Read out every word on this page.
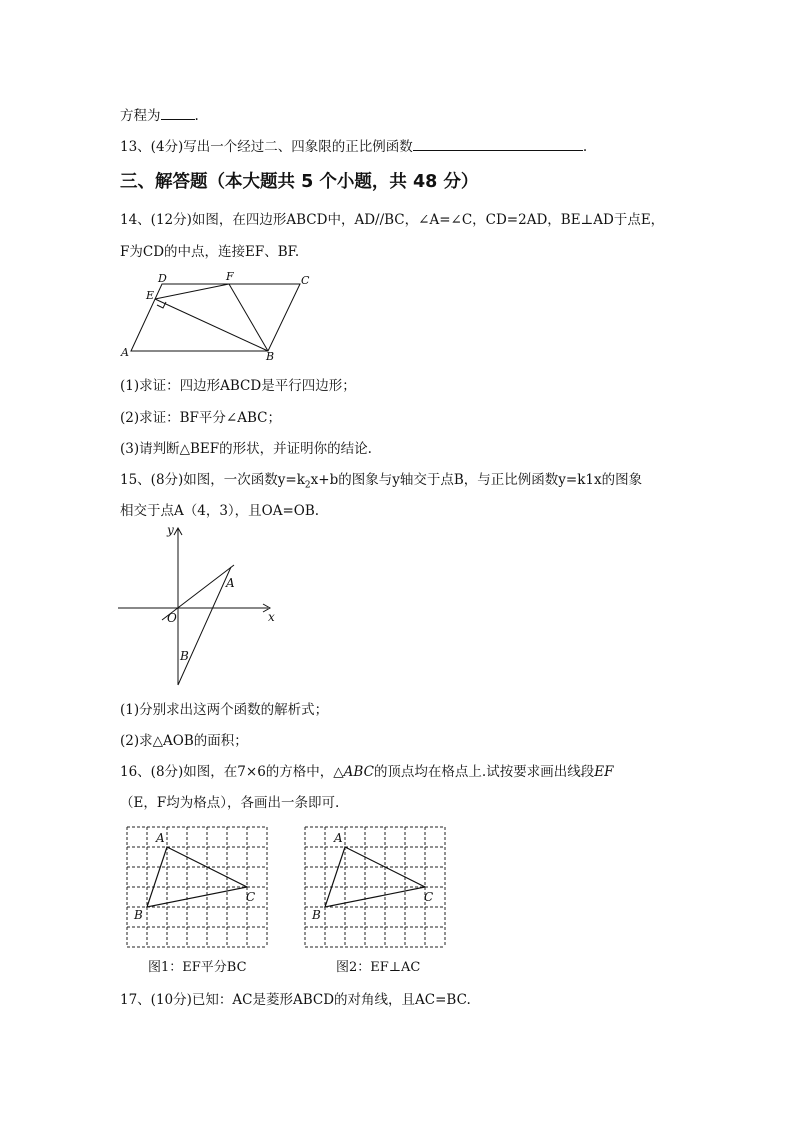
方程为	.
13、(4分)写出一个经过二、四象限的正比例函数	.
三、解答题（本大题共 5 个小题，共 48 分）
14、(12分)如图，在四边形ABCD中，AD//BC，∠A=∠C，CD=2AD，BE⊥AD于点E，
F为CD的中点，连接EF、BF.
D	F	C
E
A	B
(1)求证：四边形ABCD是平行四边形；
(2)求证：BF平分∠ABC；
(3)请判断△BEF的形状，并证明你的结论.
15、(8分)如图，一次函数$y=k_2x+b$的图象与y轴交于点B，与正比例函数y=k1x的图象
相交于点A（4，3），且OA=OB.
y
x
O
A
B
(1)分别求出这两个函数的解析式；
(2)求△AOB的面积；
16、(8分)如图，在7×6的方格中，△ABC的顶点均在格点上.试按要求画出线段EF
（E，F均为格点），各画出一条即可.
A
C
B
图1：EF平分BC
A
C
B
图2：EF⊥AC
17、(10分)已知：AC是菱形ABCD的对角线，且AC=BC.
